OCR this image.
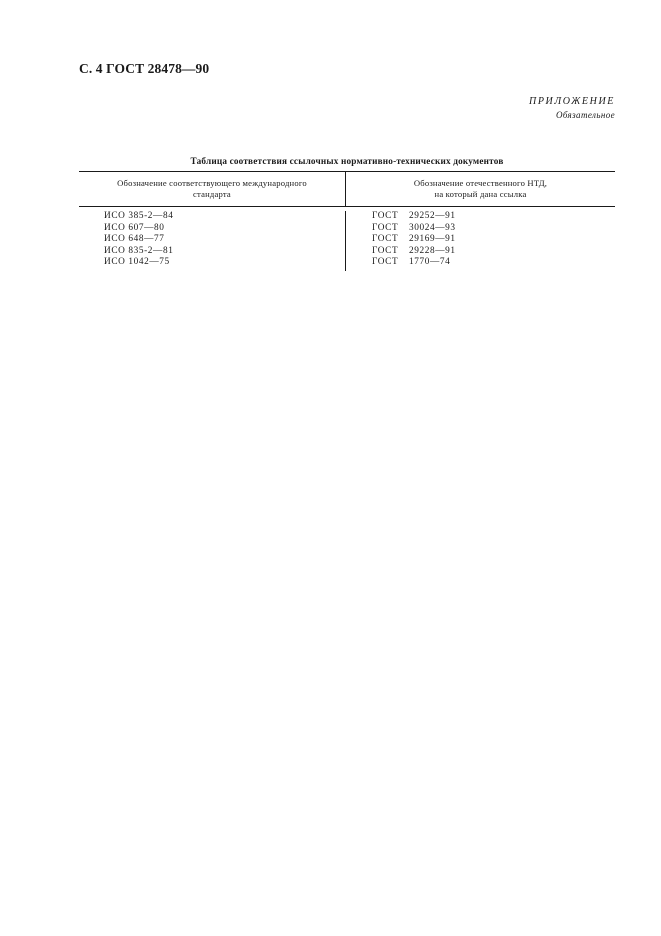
С. 4 ГОСТ 28478—90
ПРИЛОЖЕНИЕ
Обязательное
Таблица соответствия ссылочных нормативно-технических документов
Обозначение соответствующего международного
стандарта
Обозначение отечественного НТД,
на который дана ссылка
ИСО 385-2—84
ИСО 607—80
ИСО 648—77
ИСО 835-2—81
ИСО 1042—75
ГОСТ 29252—91
ГОСТ 30024—93
ГОСТ 29169—91
ГОСТ 29228—91
ГОСТ 1770—74
